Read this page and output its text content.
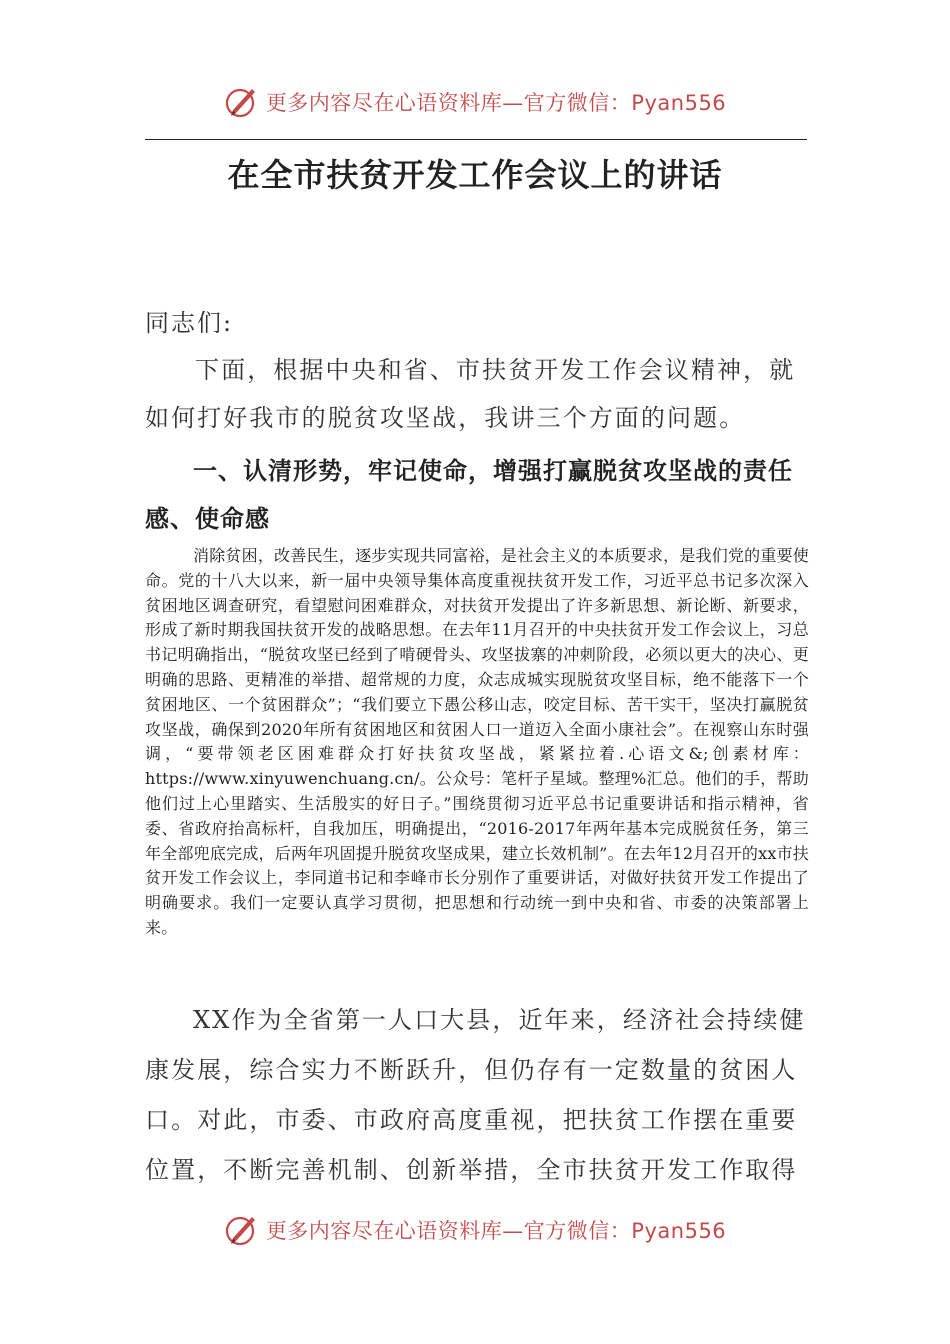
更多内容尽在心语资料库—官方微信：Pyan556
在全市扶贫开发工作会议上的讲话

同志们:

下面，根据中央和省、市扶贫开发工作会议精神，就如何打好我市的脱贫攻坚战，我讲三个方面的问题。

一、认清形势，牢记使命，增强打赢脱贫攻坚战的责任感、使命感

消除贫困，改善民生，逐步实现共同富裕，是社会主义的本质要求，是我们党的重要使命。党的十八大以来，新一届中央领导集体高度重视扶贫开发工作，习近平总书记多次深入贫困地区调查研究，看望慰问困难群众，对扶贫开发提出了许多新思想、新论断、新要求，形成了新时期我国扶贫开发的战略思想。在去年11月召开的中央扶贫开发工作会议上，习总书记明确指出，“脱贫攻坚已经到了啃硬骨头、攻坚拔寨的冲刺阶段，必须以更大的决心、更明确的思路、更精准的举措、超常规的力度，众志成城实现脱贫攻坚目标，绝不能落下一个贫困地区、一个贫困群众”；“我们要立下愚公移山志，咬定目标、苦干实干，坚决打赢脱贫攻坚战，确保到2020年所有贫困地区和贫困人口一道迈入全面小康社会”。在视察山东时强调，“要带领老区困难群众打好扶贫攻坚战，紧紧拉着.心语文&;创素材库：https://www.xinyuwenchuang.cn/。公众号：笔杆子星域。整理%汇总。他们的手，帮助他们过上心里踏实、生活殷实的好日子。”围绕贯彻习近平总书记重要讲话和指示精神，省委、省政府抬高标杆，自我加压，明确提出，“2016-2017年两年基本完成脱贫任务，第三年全部兜底完成，后两年巩固提升脱贫攻坚成果，建立长效机制”。在去年12月召开的xx市扶贫开发工作会议上，李同道书记和李峰市长分别作了重要讲话，对做好扶贫开发工作提出了明确要求。我们一定要认真学习贯彻，把思想和行动统一到中央和省、市委的决策部署上来。

XX作为全省第一人口大县，近年来，经济社会持续健康发展，综合实力不断跃升，但仍存有一定数量的贫困人口。对此，市委、市政府高度重视，把扶贫工作摆在重要位置，不断完善机制、创新举措，全市扶贫开发工作取得

更多内容尽在心语资料库—官方微信：Pyan556
